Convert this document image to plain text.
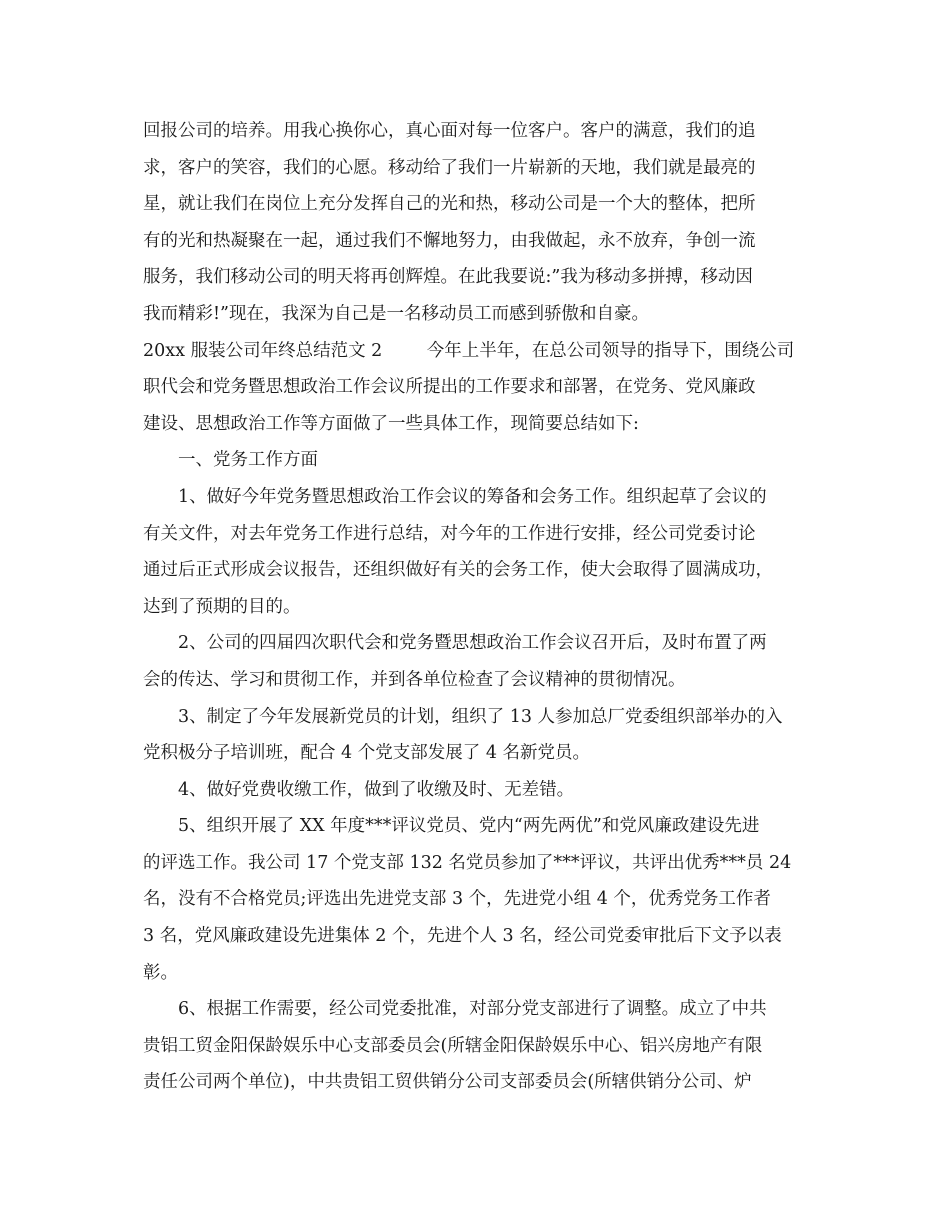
回报公司的培养。用我心换你心，真心面对每一位客户。客户的满意，我们的追
求，客户的笑容，我们的心愿。移动给了我们一片崭新的天地，我们就是最亮的
星，就让我们在岗位上充分发挥自己的光和热，移动公司是一个大的整体，把所
有的光和热凝聚在一起，通过我们不懈地努力，由我做起，永不放弃，争创一流
服务，我们移动公司的明天将再创辉煌。在此我要说:”我为移动多拼搏，移动因
我而精彩!”现在，我深为自己是一名移动员工而感到骄傲和自豪。
20xx 服装公司年终总结范文 2        今年上半年，在总公司领导的指导下，围绕公司
职代会和党务暨思想政治工作会议所提出的工作要求和部署，在党务、党风廉政
建设、思想政治工作等方面做了一些具体工作，现简要总结如下:
一、党务工作方面
1、做好今年党务暨思想政治工作会议的筹备和会务工作。组织起草了会议的
有关文件，对去年党务工作进行总结，对今年的工作进行安排，经公司党委讨论
通过后正式形成会议报告，还组织做好有关的会务工作，使大会取得了圆满成功，
达到了预期的目的。
2、公司的四届四次职代会和党务暨思想政治工作会议召开后，及时布置了两
会的传达、学习和贯彻工作，并到各单位检查了会议精神的贯彻情况。
3、制定了今年发展新党员的计划，组织了 13 人参加总厂党委组织部举办的入
党积极分子培训班，配合 4 个党支部发展了 4 名新党员。
4、做好党费收缴工作，做到了收缴及时、无差错。
5、组织开展了 XX 年度***评议党员、党内“两先两优”和党风廉政建设先进
的评选工作。我公司 17 个党支部 132 名党员参加了***评议，共评出优秀***员 24
名，没有不合格党员;评选出先进党支部 3 个，先进党小组 4 个，优秀党务工作者
3 名，党风廉政建设先进集体 2 个，先进个人 3 名，经公司党委审批后下文予以表
彰。
6、根据工作需要，经公司党委批准，对部分党支部进行了调整。成立了中共
贵铝工贸金阳保龄娱乐中心支部委员会(所辖金阳保龄娱乐中心、铝兴房地产有限
责任公司两个单位)，中共贵铝工贸供销分公司支部委员会(所辖供销分公司、炉
